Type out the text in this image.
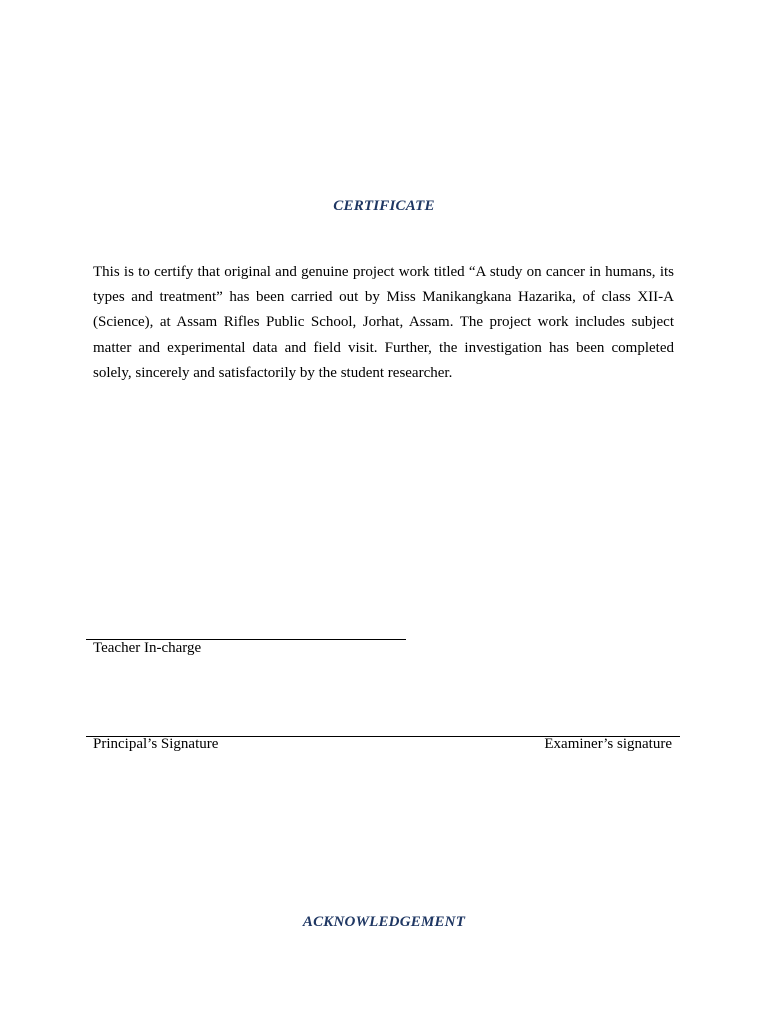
CERTIFICATE

This is to certify that original and genuine project work titled “A study on cancer in humans, its types and treatment” has been carried out by Miss Manikangkana Hazarika, of class XII-A (Science), at Assam Rifles Public School, Jorhat, Assam. The project work includes subject matter and experimental data and field visit. Further, the investigation has been completed solely, sincerely and satisfactorily by the student researcher.

Teacher In-charge
Principal’s Signature	Examiner’s signature
ACKNOWLEDGEMENT
